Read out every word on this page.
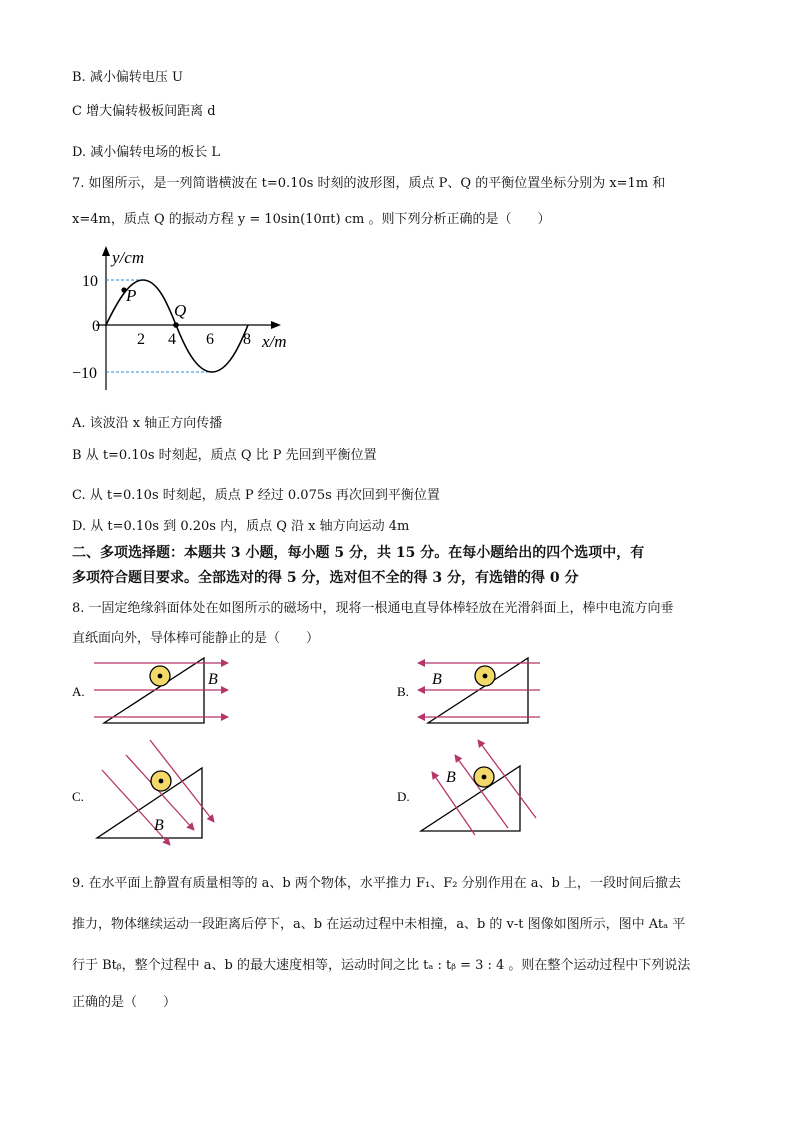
B. 减小偏转电压 U
C 增大偏转极板间距离 d
D. 减小偏转电场的板长 L
7. 如图所示，是一列简谐横波在 t=0.10s 时刻的波形图，质点 P、Q 的平衡位置坐标分别为 x=1m 和
x=4m，质点 Q 的振动方程 y = 10sin(10πt) cm 。则下列分析正确的是（　　）
y/cm
10
0
−10
2 4 6 8 x/m
P
Q
A. 该波沿 x 轴正方向传播
B 从 t=0.10s 时刻起，质点 Q 比 P 先回到平衡位置
C. 从 t=0.10s 时刻起，质点 P 经过 0.075s 再次回到平衡位置
D. 从 t=0.10s 到 0.20s 内，质点 Q 沿 x 轴方向运动 4m
二、多项选择题：本题共 3 小题，每小题 5 分，共 15 分。在每小题给出的四个选项中，有
多项符合题目要求。全部选对的得 5 分，选对但不全的得 3 分，有选错的得 0 分
8. 一固定绝缘斜面体处在如图所示的磁场中，现将一根通电直导体棒轻放在光滑斜面上，棒中电流方向垂
直纸面向外，导体棒可能静止的是（　　）
B
A.
B
B.
B
C.
B
D.
9. 在水平面上静置有质量相等的 a、b 两个物体，水平推力 F₁、F₂ 分别作用在 a、b 上，一段时间后撤去
推力，物体继续运动一段距离后停下，a、b 在运动过程中未相撞，a、b 的 v-t 图像如图所示，图中 Atₐ 平
行于 Btᵦ，整个过程中 a、b 的最大速度相等，运动时间之比 tₐ : tᵦ = 3 : 4 。则在整个运动过程中下列说法
正确的是（　　）
